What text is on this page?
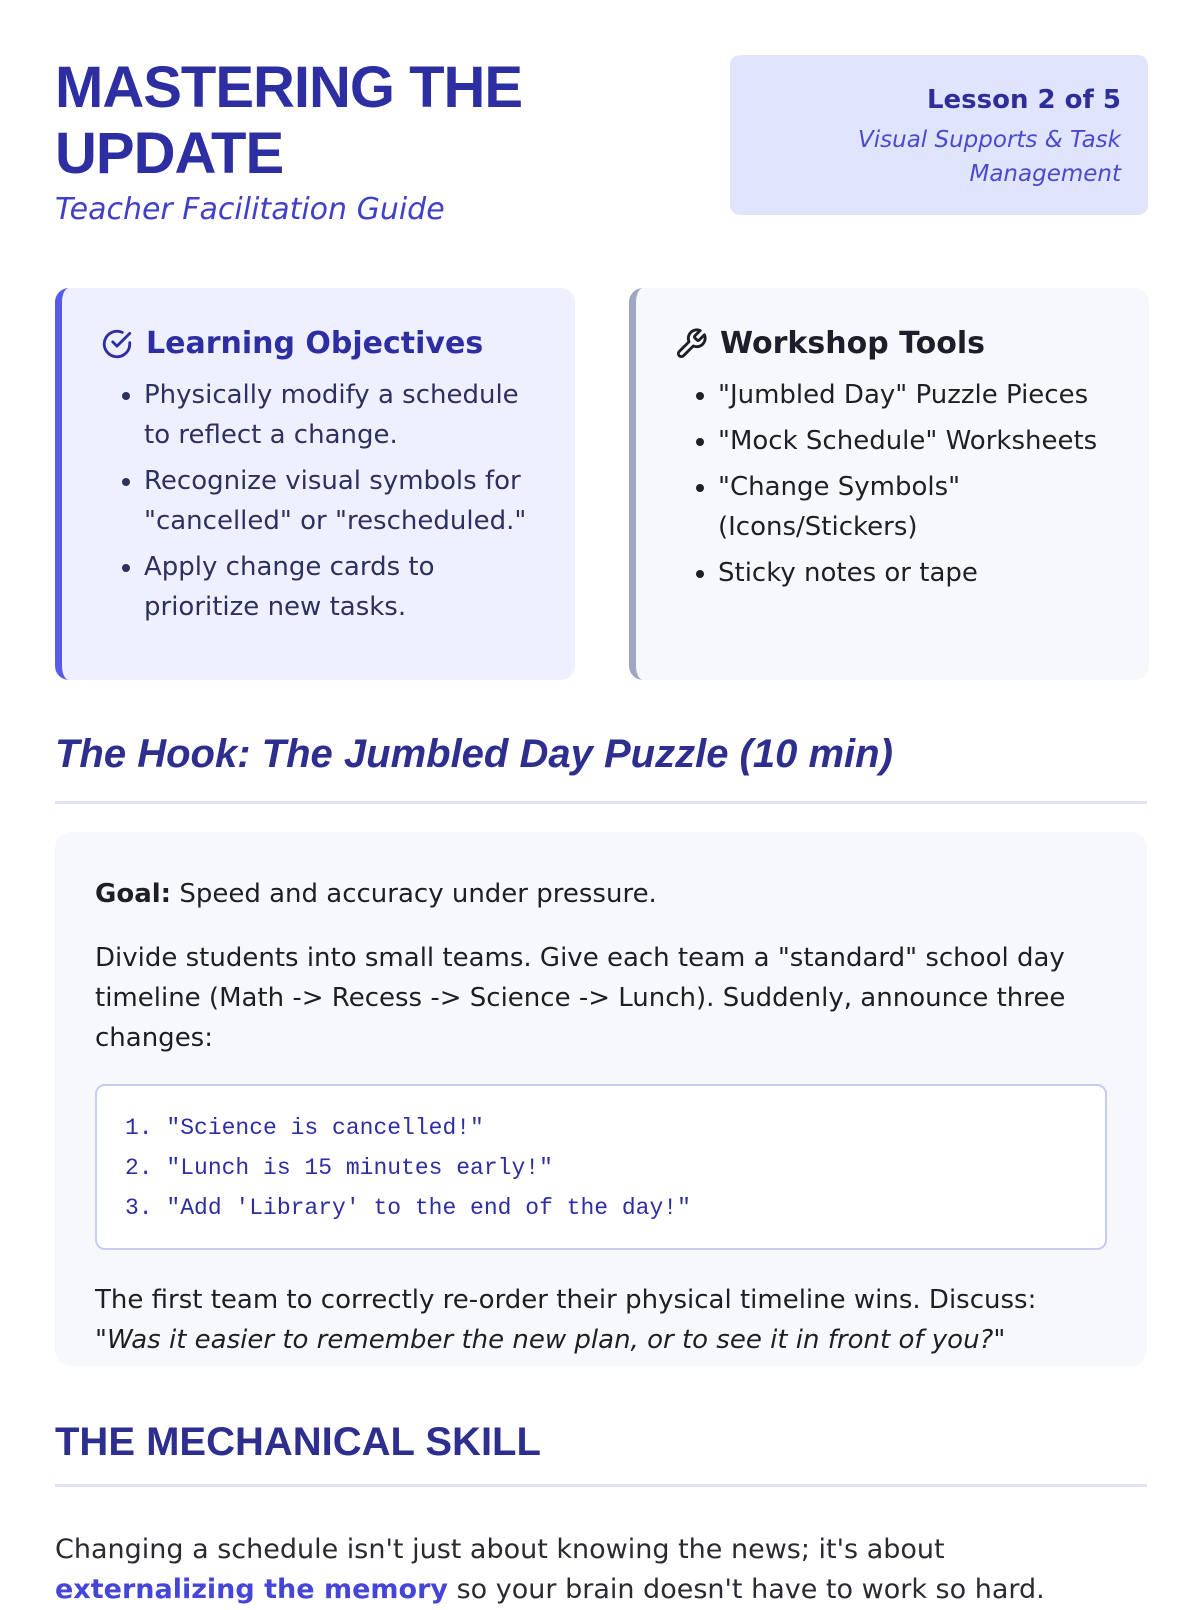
MASTERING THE UPDATE
Teacher Facilitation Guide
Lesson 2 of 5
Visual Supports & Task Management
Learning Objectives
• Physically modify a schedule to reflect a change.
• Recognize visual symbols for "cancelled" or "rescheduled."
• Apply change cards to prioritize new tasks.
Workshop Tools
• "Jumbled Day" Puzzle Pieces
• "Mock Schedule" Worksheets
• "Change Symbols" (Icons/Stickers)
• Sticky notes or tape
The Hook: The Jumbled Day Puzzle (10 min)

Goal: Speed and accuracy under pressure.

Divide students into small teams. Give each team a "standard" school day timeline (Math -> Recess -> Science -> Lunch). Suddenly, announce three changes:

1. "Science is cancelled!"
2. "Lunch is 15 minutes early!"
3. "Add 'Library' to the end of the day!"

The first team to correctly re-order their physical timeline wins. Discuss: "Was it easier to remember the new plan, or to see it in front of you?"

THE MECHANICAL SKILL

Changing a schedule isn't just about knowing the news; it's about externalizing the memory so your brain doesn't have to work so hard.
